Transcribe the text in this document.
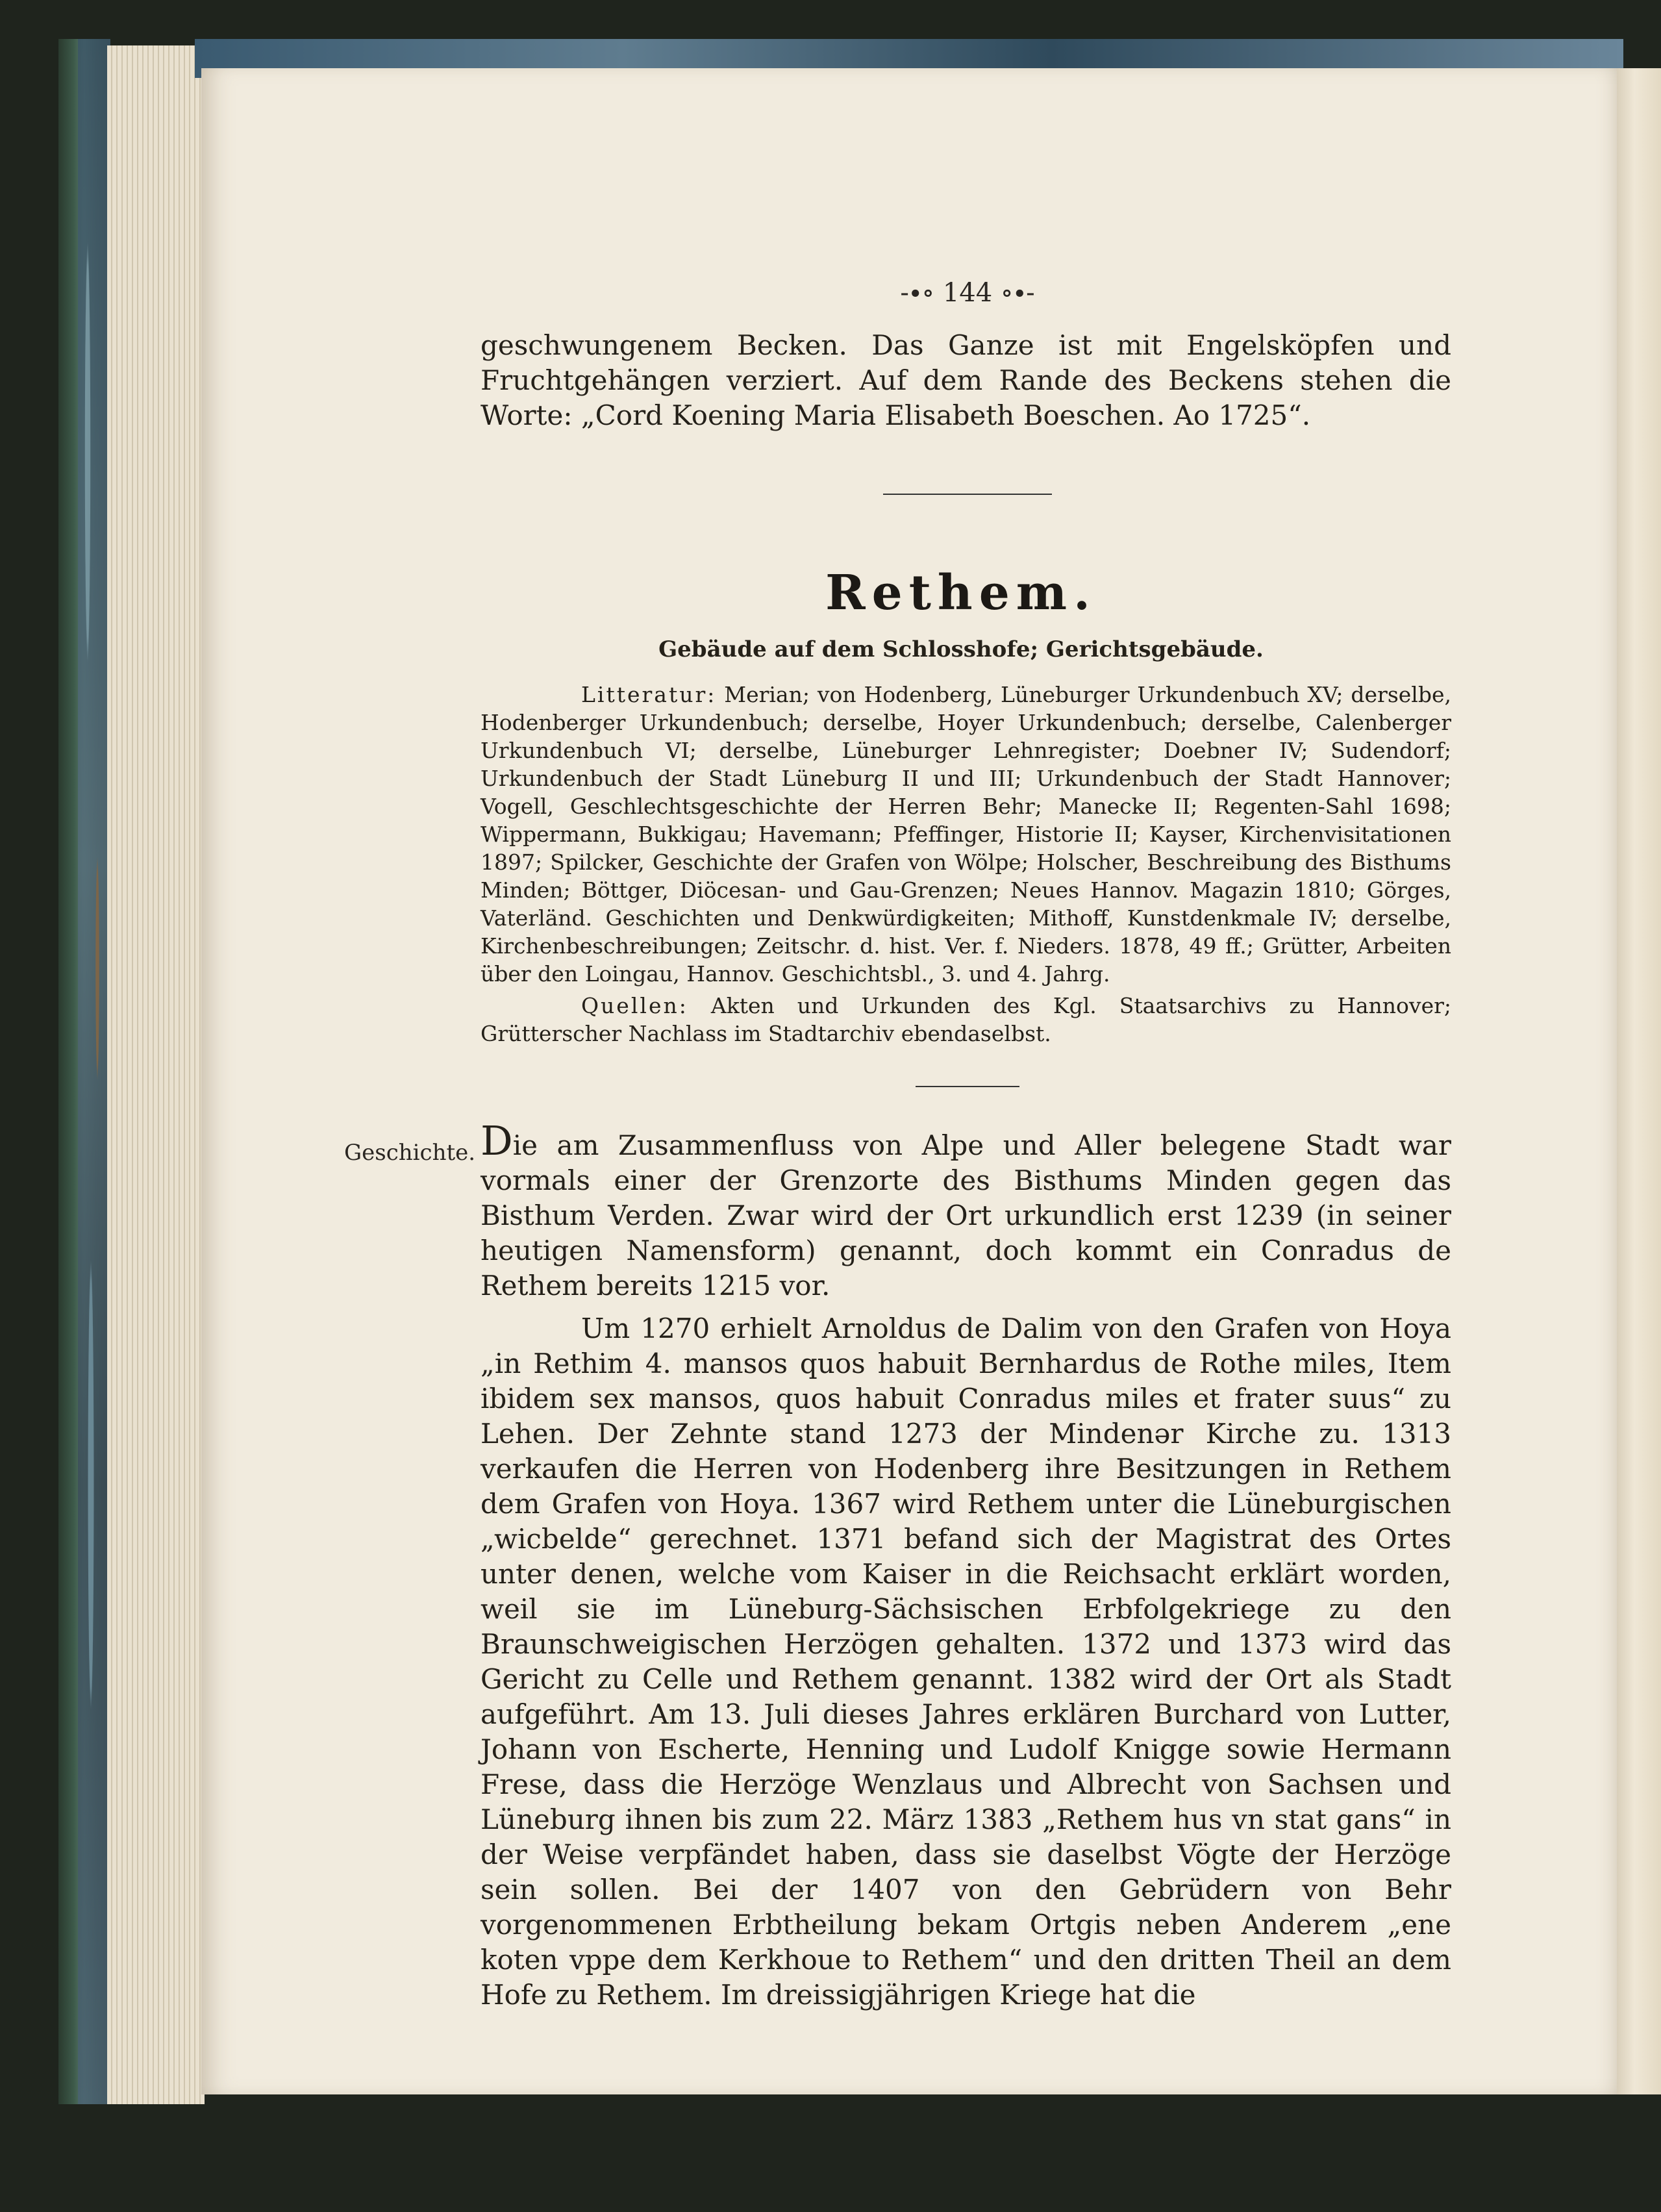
-∙∘ 144 ∘∙-

geschwungenem Becken. Das Ganze ist mit Engelsköpfen und Fruchtgehängen verziert. Auf dem Rande des Beckens stehen die Worte: „Cord Koening Maria Elisabeth Boeschen. Ao 1725“.

Rethem.
Gebäude auf dem Schlosshofe; Gerichtsgebäude.

Litteratur: Merian; von Hodenberg, Lüneburger Urkundenbuch XV; derselbe, Hodenberger Urkundenbuch; derselbe, Hoyer Urkundenbuch; derselbe, Calenberger Urkundenbuch VI; derselbe, Lüneburger Lehnregister; Doebner IV; Sudendorf; Urkundenbuch der Stadt Lüneburg II und III; Urkundenbuch der Stadt Hannover; Vogell, Geschlechtsgeschichte der Herren Behr; Manecke II; Regenten-Sahl 1698; Wippermann, Bukkigau; Havemann; Pfeffinger, Historie II; Kayser, Kirchenvisitationen 1897; Spilcker, Geschichte der Grafen von Wölpe; Holscher, Beschreibung des Bisthums Minden; Böttger, Diöcesan- und Gau-Grenzen; Neues Hannov. Magazin 1810; Görges, Vaterländ. Geschichten und Denkwürdigkeiten; Mithoff, Kunstdenkmale IV; derselbe, Kirchenbeschreibungen; Zeitschr. d. hist. Ver. f. Nieders. 1878, 49 ff.; Grütter, Arbeiten über den Loingau, Hannov. Geschichtsbl., 3. und 4. Jahrg.

Quellen: Akten und Urkunden des Kgl. Staatsarchivs zu Hannover; Grütterscher Nachlass im Stadtarchiv ebendaselbst.

Geschichte. Die am Zusammenfluss von Alpe und Aller belegene Stadt war vormals einer der Grenzorte des Bisthums Minden gegen das Bisthum Verden. Zwar wird der Ort urkundlich erst 1239 (in seiner heutigen Namensform) genannt, doch kommt ein Conradus de Rethem bereits 1215 vor.

Um 1270 erhielt Arnoldus de Dalim von den Grafen von Hoya „in Rethim 4. mansos quos habuit Bernhardus de Rothe miles, Item ibidem sex mansos, quos habuit Conradus miles et frater suus“ zu Lehen. Der Zehnte stand 1273 der Mindenər Kirche zu. 1313 verkaufen die Herren von Hodenberg ihre Besitzungen in Rethem dem Grafen von Hoya. 1367 wird Rethem unter die Lüneburgischen „wicbelde“ gerechnet. 1371 befand sich der Magistrat des Ortes unter denen, welche vom Kaiser in die Reichsacht erklärt worden, weil sie im Lüneburg-Sächsischen Erbfolgekriege zu den Braunschweigischen Herzögen gehalten. 1372 und 1373 wird das Gericht zu Celle und Rethem genannt. 1382 wird der Ort als Stadt aufgeführt. Am 13. Juli dieses Jahres erklären Burchard von Lutter, Johann von Escherte, Henning und Ludolf Knigge sowie Hermann Frese, dass die Herzöge Wenzlaus und Albrecht von Sachsen und Lüneburg ihnen bis zum 22. März 1383 „Rethem hus vn stat gans“ in der Weise verpfändet haben, dass sie daselbst Vögte der Herzöge sein sollen. Bei der 1407 von den Gebrüdern von Behr vorgenommenen Erbtheilung bekam Ortgis neben Anderem „ene koten vppe dem Kerkhoue to Rethem“ und den dritten Theil an dem Hofe zu Rethem. Im dreissigjährigen Kriege hat die
